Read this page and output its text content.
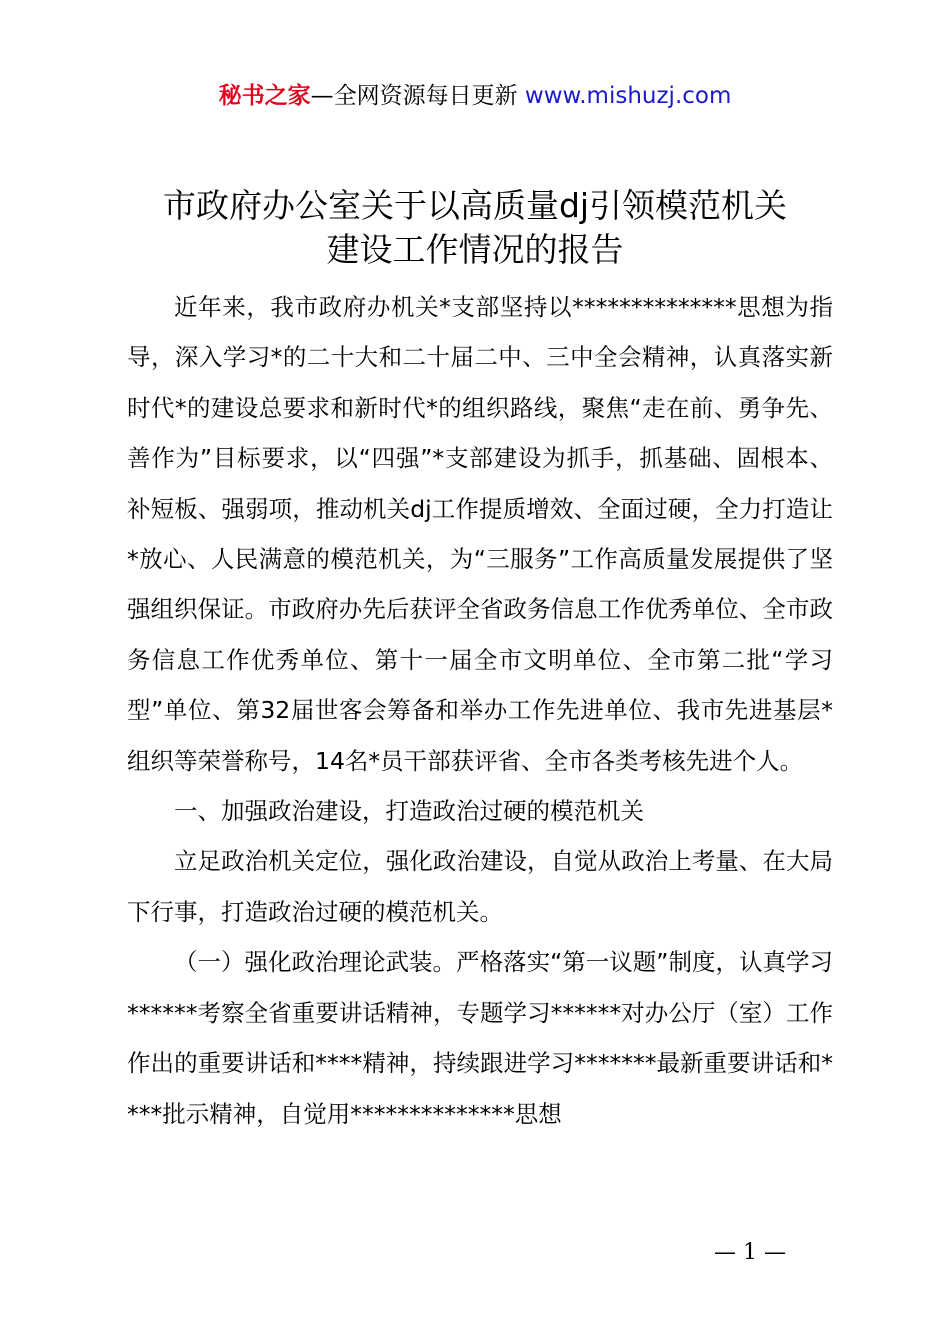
秘书之家—全网资源每日更新 www.mishuzj.com
市政府办公室关于以高质量dj引领模范机关
建设工作情况的报告

近年来，我市政府办机关*支部坚持以**************思想为指导，深入学习*的二十大和二十届二中、三中全会精神，认真落实新时代*的建设总要求和新时代*的组织路线，聚焦“走在前、勇争先、善作为”目标要求，以“四强”*支部建设为抓手，抓基础、固根本、补短板、强弱项，推动机关dj工作提质增效、全面过硬，全力打造让*放心、人民满意的模范机关，为“三服务”工作高质量发展提供了坚强组织保证。市政府办先后获评全省政务信息工作优秀单位、全市政务信息工作优秀单位、第十一届全市文明单位、全市第二批“学习型”单位、第32届世客会筹备和举办工作先进单位、我市先进基层*组织等荣誉称号，14名*员干部获评省、全市各类考核先进个人。

一、加强政治建设，打造政治过硬的模范机关

立足政治机关定位，强化政治建设，自觉从政治上考量、在大局下行事，打造政治过硬的模范机关。

（一）强化政治理论武装。严格落实“第一议题”制度，认真学习******考察全省重要讲话精神，专题学习******对办公厅（室）工作作出的重要讲话和****精神，持续跟进学习*******最新重要讲话和****批示精神，自觉用**************思想

— 1 —
